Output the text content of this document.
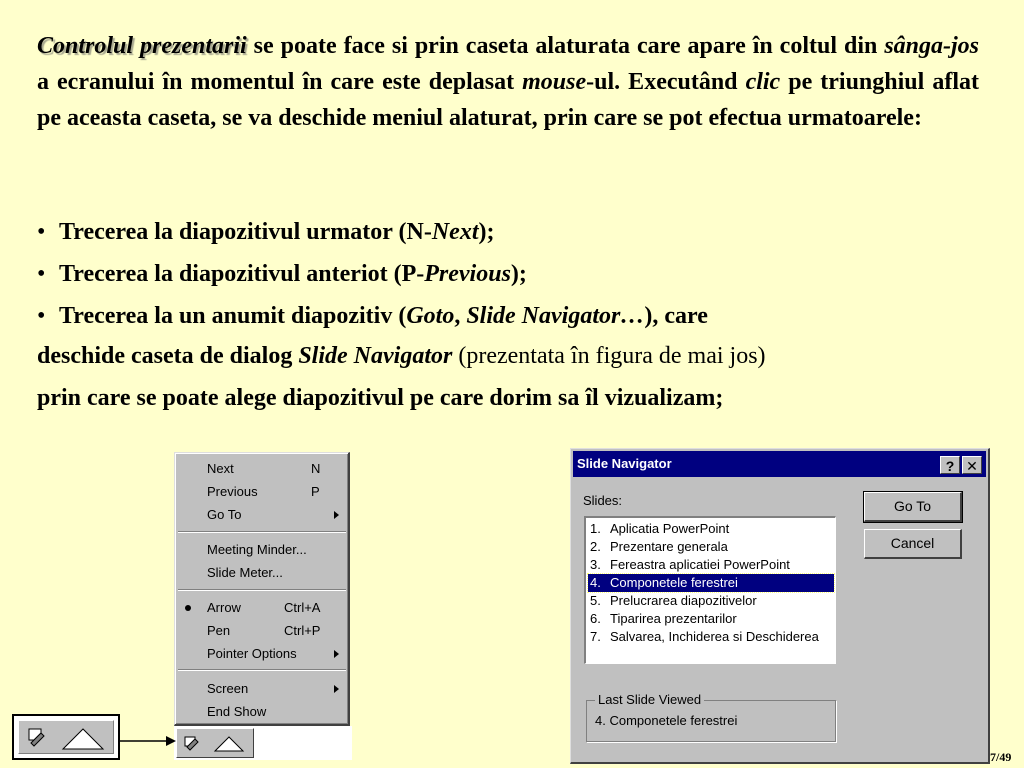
Controlul prezentarii se poate face si prin caseta alaturata care apare în coltul din sânga-jos a ecranului în momentul în care este deplasat mouse-ul. Executând clic pe triunghiul aflat pe aceasta caseta, se va deschide meniul alaturat, prin care se pot efectua urmatoarele:
• Trecerea la diapozitivul urmator (N-Next);
• Trecerea la diapozitivul anteriot (P-Previous);
• Trecerea la un anumit diapozitiv (Goto, Slide Navigator…), care
deschide caseta de dialog Slide Navigator (prezentata în figura de mai jos)
prin care se poate alege diapozitivul pe care dorim sa îl vizualizam;
Next	N
Previous	P
Go To
Meeting Minder...
Slide Meter...
Arrow	Ctrl+A
Pen	Ctrl+P
Pointer Options
Screen
End Show
Slide Navigator	? ✕
Slides:
1. Aplicatia PowerPoint
2. Prezentare generala
3. Fereastra aplicatiei PowerPoint
4. Componetele ferestrei
5. Prelucrarea diapozitivelor
6. Tiparirea prezentarilor
7. Salvarea, Inchiderea si Deschiderea
Go To
Cancel
Last Slide Viewed
4. Componetele ferestrei
7/49
